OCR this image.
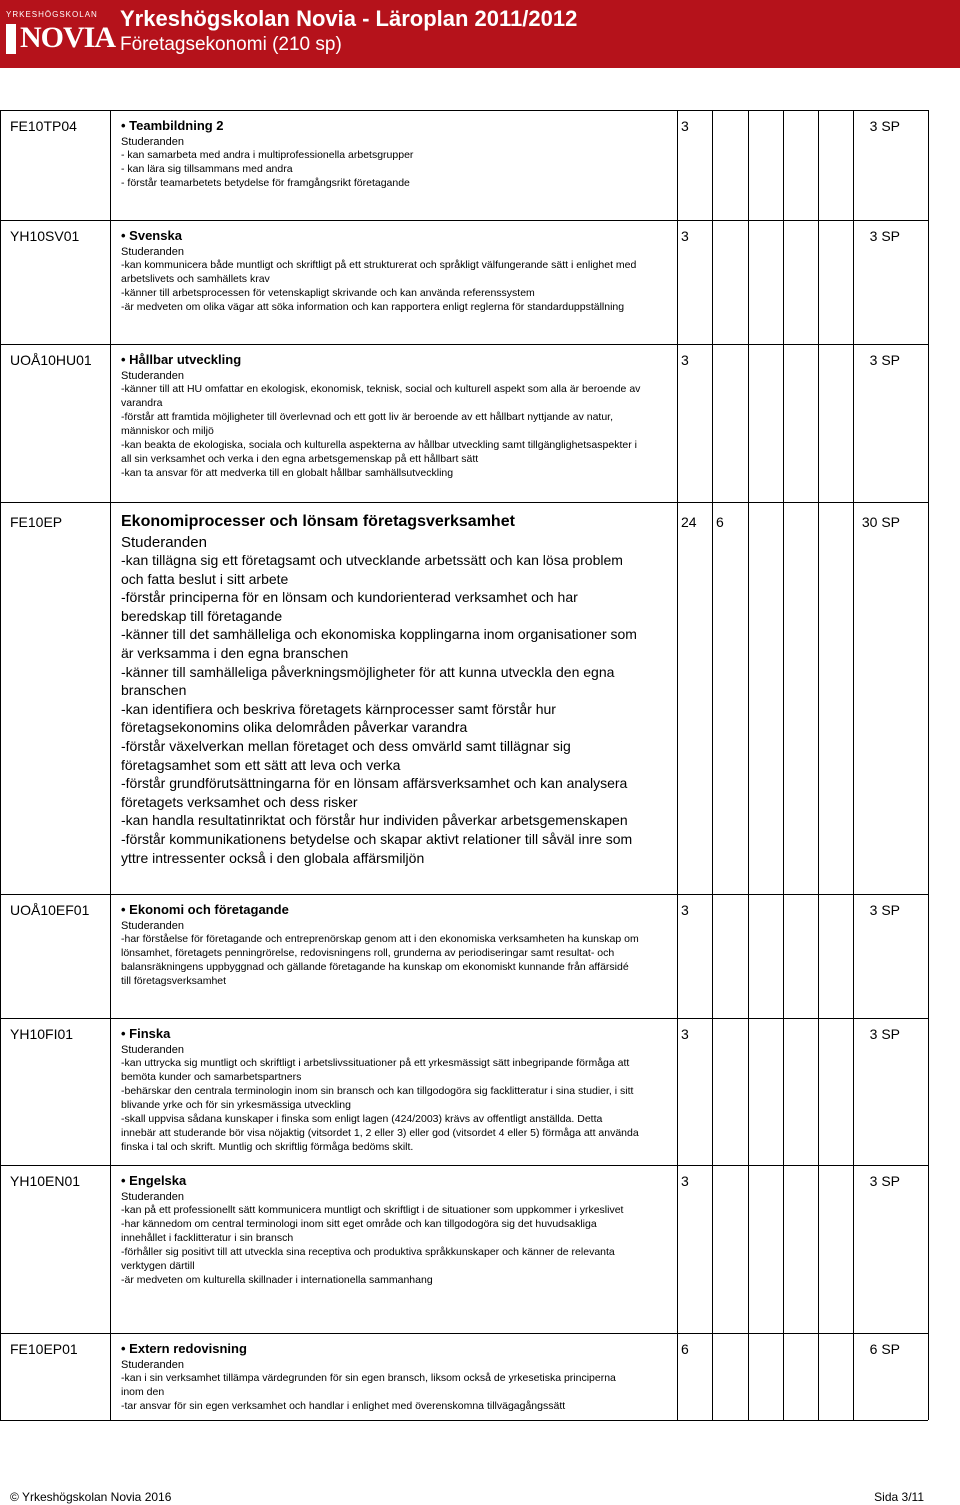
YRKESHÖGSKOLAN
NOVIA
Yrkeshögskolan Novia - Läroplan 2011/2012
Företagsekonomi (210 sp)
FE10TP04	• Teambildning 2
Studeranden
- kan samarbeta med andra i multiprofessionella arbetsgrupper
- kan lära sig tillsammans med andra
- förstår teamarbetets betydelse för framgångsrikt företagande
3	3 SP
YH10SV01	• Svenska
Studeranden
-kan kommunicera både muntligt och skriftligt på ett strukturerat och språkligt välfungerande sätt i enlighet med
arbetslivets och samhällets krav
-känner till arbetsprocessen för vetenskapligt skrivande och kan använda referenssystem
-är medveten om olika vägar att söka information och kan rapportera enligt reglerna för standarduppställning
3	3 SP
UOÅ10HU01 • Hållbar utveckling
Studeranden
-känner till att HU omfattar en ekologisk, ekonomisk, teknisk, social och kulturell aspekt som alla är beroende av
varandra
-förstår att framtida möjligheter till överlevnad och ett gott liv är beroende av ett hållbart nyttjande av natur,
människor och miljö
-kan beakta de ekologiska, sociala och kulturella aspekterna av hållbar utveckling samt tillgänglighetsaspekter i
all sin verksamhet och verka i den egna arbetsgemenskap på ett hållbart sätt
-kan ta ansvar för att medverka till en globalt hållbar samhällsutveckling
3	3 SP
FE10EP	Ekonomiprocesser och lönsam företagsverksamhet
Studeranden
-kan tillägna sig ett företagsamt och utvecklande arbetssätt och kan lösa problem
och fatta beslut i sitt arbete
-förstår principerna för en lönsam och kundorienterad verksamhet och har
beredskap till företagande
-känner till det samhälleliga och ekonomiska kopplingarna inom organisationer som
är verksamma i den egna branschen
-känner till samhälleliga påverkningsmöjligheter för att kunna utveckla den egna
branschen
-kan identifiera och beskriva företagets kärnprocesser samt förstår hur
företagsekonomins olika delområden påverkar varandra
-förstår växelverkan mellan företaget och dess omvärld samt tillägnar sig
företagsamhet som ett sätt att leva och verka
-förstår grundförutsättningarna för en lönsam affärsverksamhet och kan analysera
företagets verksamhet och dess risker
-kan handla resultatinriktat och förstår hur individen påverkar arbetsgemenskapen
-förstår kommunikationens betydelse och skapar aktivt relationer till såväl inre som
yttre intressenter också i den globala affärsmiljön
24 6	30 SP
UOÅ10EF01 • Ekonomi och företagande
Studeranden
-har förståelse för företagande och entreprenörskap genom att i den ekonomiska verksamheten ha kunskap om
lönsamhet, företagets penningrörelse, redovisningens roll, grunderna av periodiseringar samt resultat- och
balansräkningens uppbyggnad och gällande företagande ha kunskap om ekonomiskt kunnande från affärsidé
till företagsverksamhet
3	3 SP
YH10FI01	• Finska
Studeranden
-kan uttrycka sig muntligt och skriftligt i arbetslivssituationer på ett yrkesmässigt sätt inbegripande förmåga att
bemöta kunder och samarbetspartners
-behärskar den centrala terminologin inom sin bransch och kan tillgodogöra sig facklitteratur i sina studier, i sitt
blivande yrke och för sin yrkesmässiga utveckling
-skall uppvisa sådana kunskaper i finska som enligt lagen (424/2003) krävs av offentligt anställda. Detta
innebär att studerande bör visa nöjaktig (vitsordet 1, 2 eller 3) eller god (vitsordet 4 eller 5) förmåga att använda
finska i tal och skrift. Muntlig och skriftlig förmåga bedöms skilt.
3	3 SP
YH10EN01	• Engelska
Studeranden
-kan på ett professionellt sätt kommunicera muntligt och skriftligt i de situationer som uppkommer i yrkeslivet
-har kännedom om central terminologi inom sitt eget område och kan tillgodogöra sig det huvudsakliga
innehållet i facklitteratur i sin bransch
-förhåller sig positivt till att utveckla sina receptiva och produktiva språkkunskaper och känner de relevanta
verktygen därtill
-är medveten om kulturella skillnader i internationella sammanhang
3	3 SP
FE10EP01	• Extern redovisning
Studeranden
-kan i sin verksamhet tillämpa värdegrunden för sin egen bransch, liksom också de yrkesetiska principerna
inom den
-tar ansvar för sin egen verksamhet och handlar i enlighet med överenskomna tillvägagångssätt
6	6 SP
© Yrkeshögskolan Novia 2016	Sida 3/11
